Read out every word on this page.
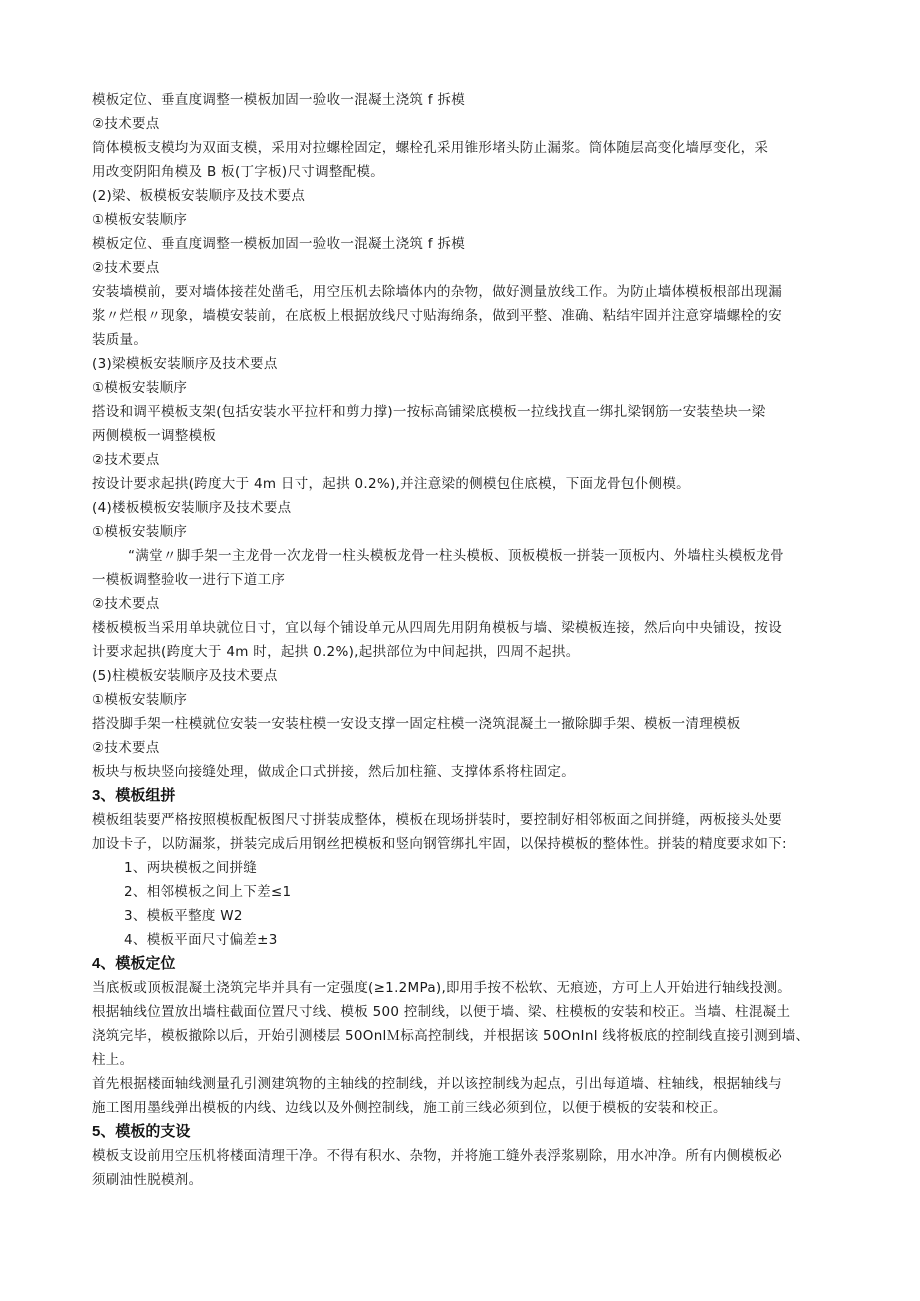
模板定位、垂直度调整一模板加固一验收一混凝土浇筑 f 拆模
②技术要点
筒体模板支模均为双面支模，采用对拉螺栓固定，螺栓孔采用锥形堵头防止漏浆。筒体随层高变化墙厚变化，采
用改变阴阳角模及 B 板(丁字板)尺寸调整配模。
(2)梁、板模板安装顺序及技术要点
①模板安装顺序
模板定位、垂直度调整一模板加固一验收一混凝土浇筑 f 拆模
②技术要点
安装墙模前，要对墙体接茬处凿毛，用空压机去除墙体内的杂物，做好测量放线工作。为防止墙体模板根部出现漏
浆〃烂根〃现象，墙模安装前，在底板上根据放线尺寸贴海绵条，做到平整、准确、粘结牢固并注意穿墙螺栓的安
装质量。
(3)梁模板安装顺序及技术要点
①模板安装顺序
搭设和调平模板支架(包括安装水平拉杆和剪力撑)一按标高铺梁底模板一拉线找直一绑扎梁钢筋一安装垫块一梁
两侧模板一调整模板
②技术要点
按设计要求起拱(跨度大于 4m 日寸，起拱 0.2%),并注意梁的侧模包住底模，下面龙骨包仆侧模。
(4)楼板模板安装顺序及技术要点
①模板安装顺序
“满堂〃脚手架一主龙骨一次龙骨一柱头模板龙骨一柱头模板、顶板模板一拼装一顶板内、外墙柱头模板龙骨
一模板调整验收一进行下道工序
②技术要点
楼板模板当采用单块就位日寸，宜以每个铺设单元从四周先用阴角模板与墙、梁模板连接，然后向中央铺设，按设
计要求起拱(跨度大于 4m 时，起拱 0.2%),起拱部位为中间起拱，四周不起拱。
(5)柱模板安装顺序及技术要点
①模板安装顺序
搭没脚手架一柱模就位安装一安装柱模一安设支撑一固定柱模一浇筑混凝土一撤除脚手架、模板一清理模板
②技术要点
板块与板块竖向接缝处理，做成企口式拼接，然后加柱箍、支撑体系将柱固定。
3、模板组拼
模板组装要严格按照模板配板图尺寸拼装成整体，模板在现场拼装时，要控制好相邻板面之间拼缝，两板接头处要
加设卡子，以防漏浆，拼装完成后用钢丝把模板和竖向钢管绑扎牢固，以保持模板的整体性。拼装的精度要求如下:
1、两块模板之间拼缝
2、相邻模板之间上下差≤1
3、模板平整度 W2
4、模板平面尺寸偏差±3
4、模板定位
当底板或顶板混凝土浇筑完毕并具有一定强度(≥1.2MPa),即用手按不松软、无痕迹，方可上人开始进行轴线投测。
根据轴线位置放出墙柱截面位置尺寸线、模板 500 控制线，以便于墙、梁、柱模板的安装和校正。当墙、柱混凝土
浇筑完毕，模板撤除以后，开始引测楼层 50OnlＭ标高控制线，并根据该 50OnInl 线将板底的控制线直接引测到墙、
柱上。
首先根据楼面轴线测量孔引测建筑物的主轴线的控制线，并以该控制线为起点，引出每道墙、柱轴线，根据轴线与
施工图用墨线弹出模板的内线、边线以及外侧控制线，施工前三线必须到位，以便于模板的安装和校正。
5、模板的支设
模板支设前用空压机将楼面清理干净。不得有积水、杂物，并将施工缝外表浮浆剔除，用水冲净。所有内侧模板必
须刷油性脱模剂。
